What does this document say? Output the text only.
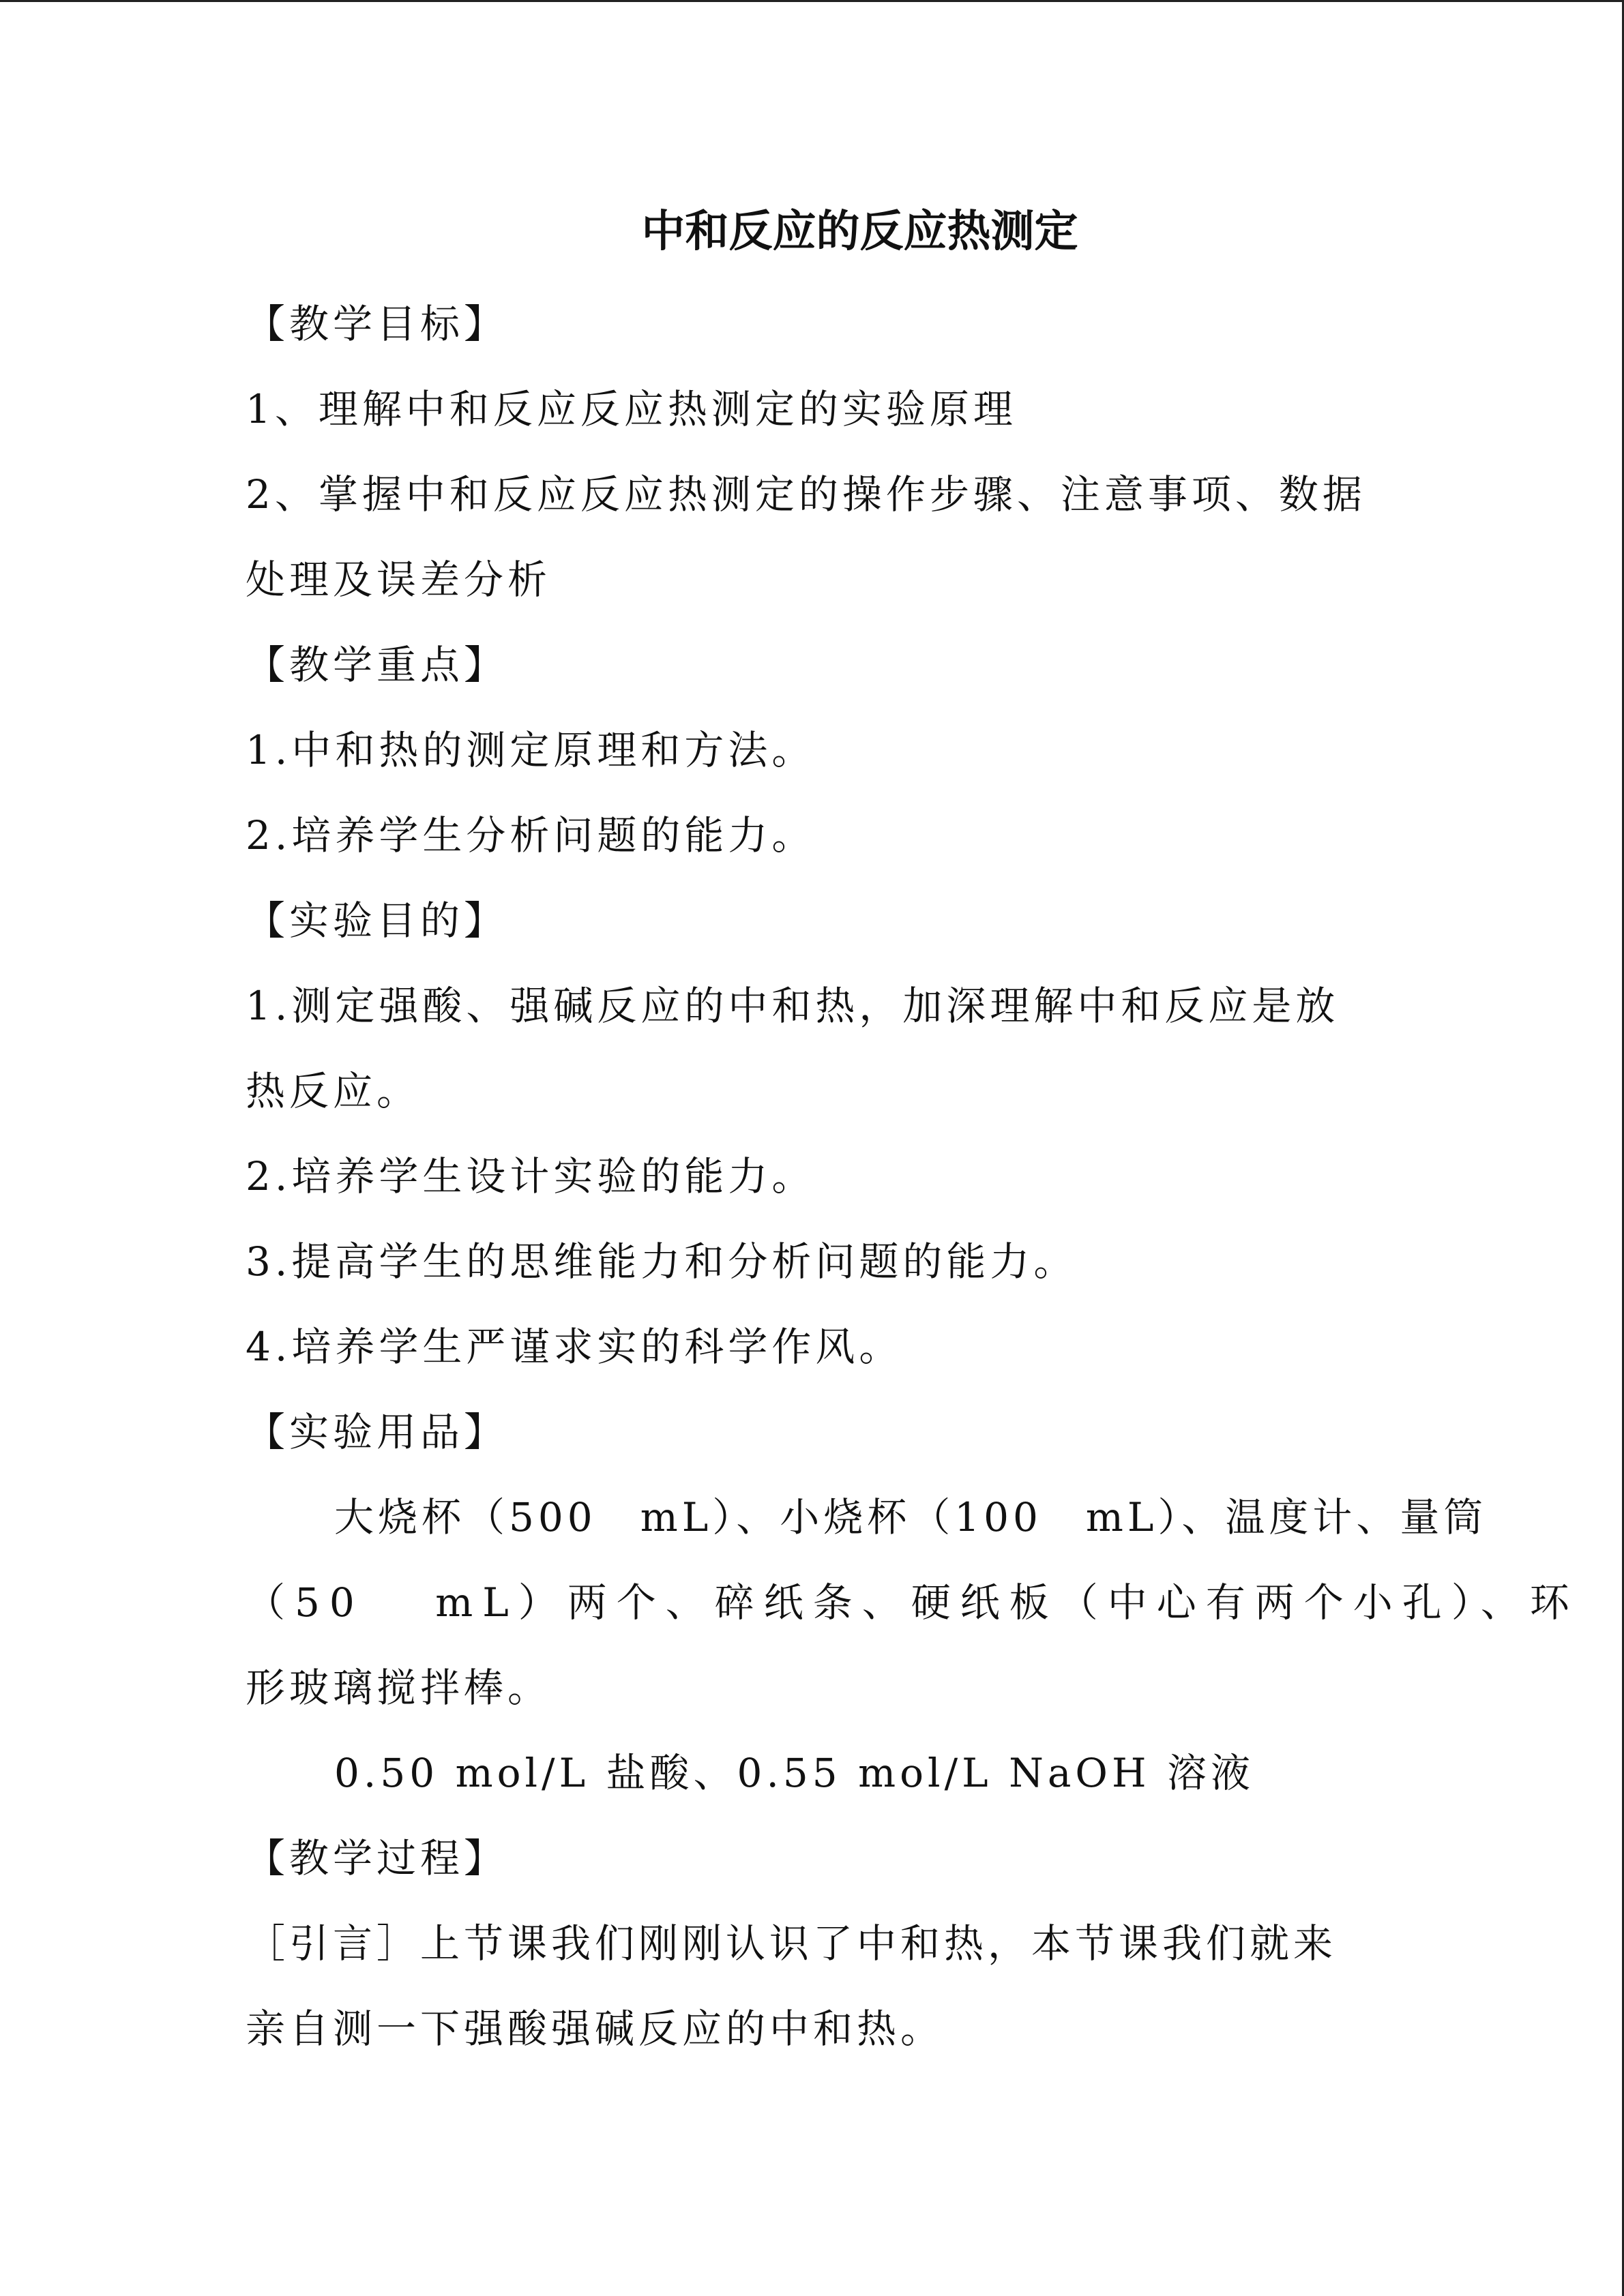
中和反应的反应热测定
【教学目标】
1、理解中和反应反应热测定的实验原理
2、掌握中和反应反应热测定的操作步骤、注意事项、数据
处理及误差分析
【教学重点】
1.中和热的测定原理和方法。
2.培养学生分析问题的能力。
【实验目的】
1.测定强酸、强碱反应的中和热，加深理解中和反应是放
热反应。
2.培养学生设计实验的能力。
3.提高学生的思维能力和分析问题的能力。
4.培养学生严谨求实的科学作风。
【实验用品】
大烧杯（500　mL）、小烧杯（100　mL）、温度计、量筒
（50　 mL）两个、碎纸条、硬纸板（中心有两个小孔）、环
形玻璃搅拌棒。
0.50 mol/L 盐酸、0.55 mol/L NaOH 溶液
【教学过程】
［引言］上节课我们刚刚认识了中和热，本节课我们就来
亲自测一下强酸强碱反应的中和热。
